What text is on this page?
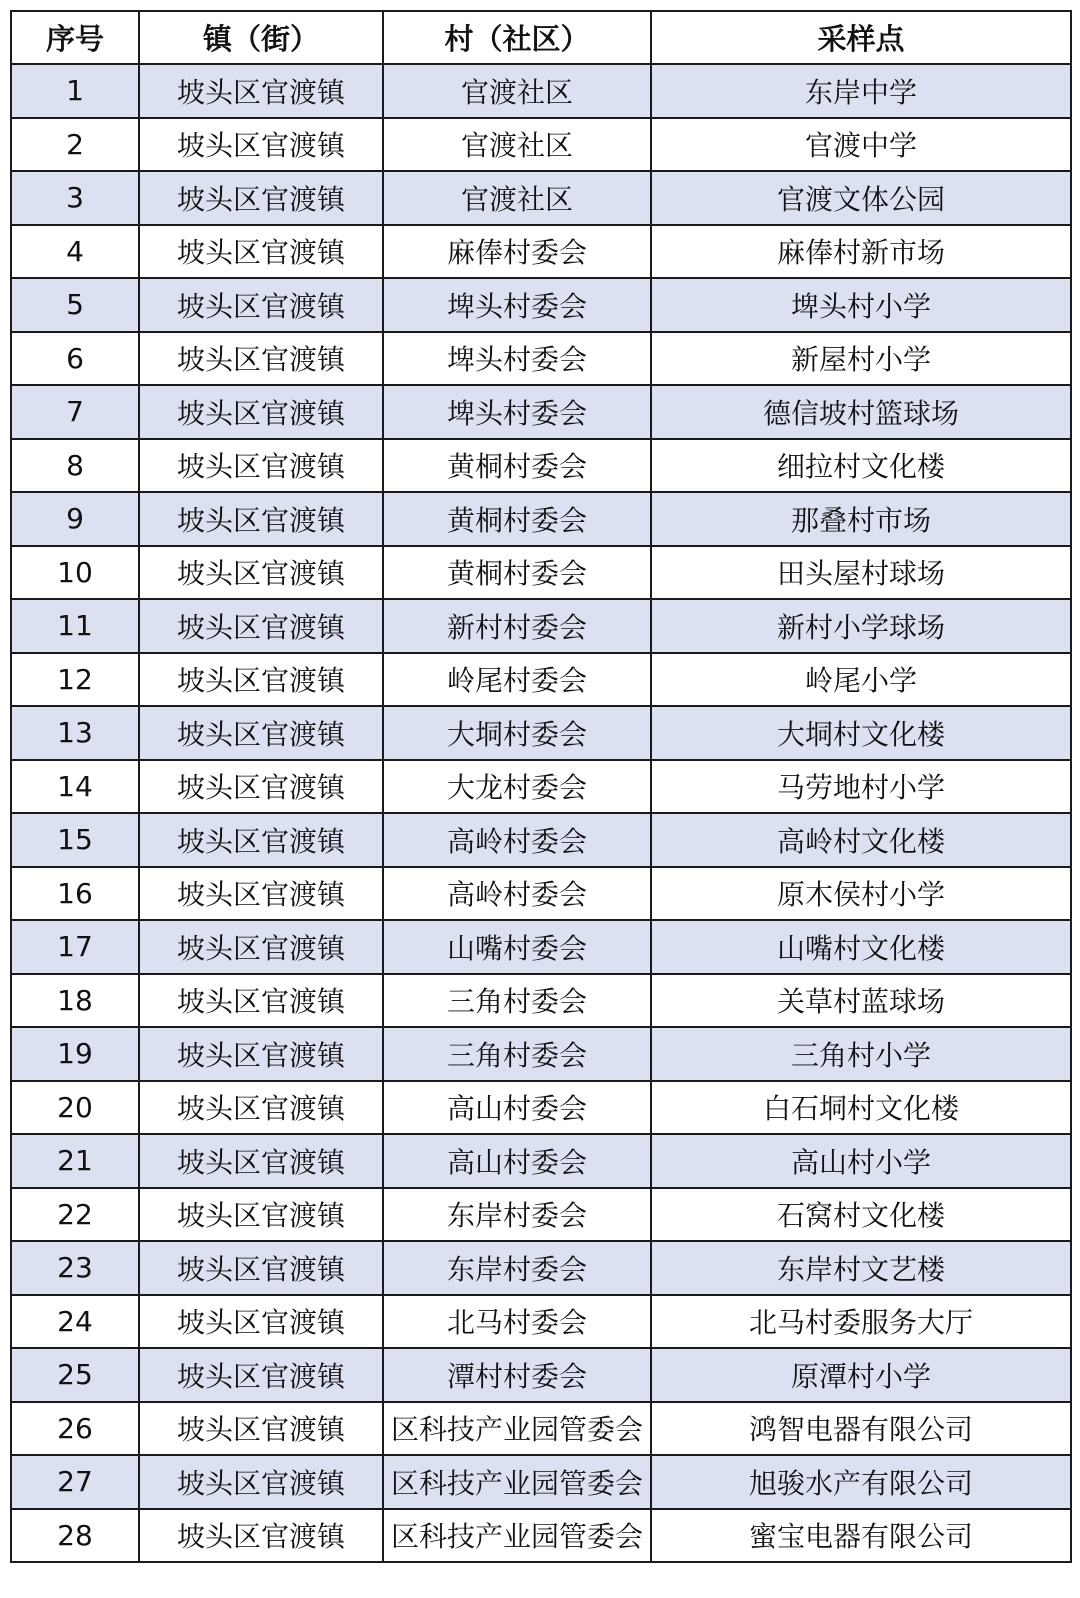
序号	镇（街）	村（社区）	采样点
1	坡头区官渡镇	官渡社区	东岸中学
2	坡头区官渡镇	官渡社区	官渡中学
3	坡头区官渡镇	官渡社区	官渡文体公园
4	坡头区官渡镇	麻俸村委会	麻俸村新市场
5	坡头区官渡镇	埤头村委会	埤头村小学
6	坡头区官渡镇	埤头村委会	新屋村小学
7	坡头区官渡镇	埤头村委会	德信坡村篮球场
8	坡头区官渡镇	黄桐村委会	细拉村文化楼
9	坡头区官渡镇	黄桐村委会	那叠村市场
10	坡头区官渡镇	黄桐村委会	田头屋村球场
11	坡头区官渡镇	新村村委会	新村小学球场
12	坡头区官渡镇	岭尾村委会	岭尾小学
13	坡头区官渡镇	大垌村委会	大垌村文化楼
14	坡头区官渡镇	大龙村委会	马劳地村小学
15	坡头区官渡镇	高岭村委会	高岭村文化楼
16	坡头区官渡镇	高岭村委会	原木侯村小学
17	坡头区官渡镇	山嘴村委会	山嘴村文化楼
18	坡头区官渡镇	三角村委会	关草村蓝球场
19	坡头区官渡镇	三角村委会	三角村小学
20	坡头区官渡镇	高山村委会	白石垌村文化楼
21	坡头区官渡镇	高山村委会	高山村小学
22	坡头区官渡镇	东岸村委会	石窝村文化楼
23	坡头区官渡镇	东岸村委会	东岸村文艺楼
24	坡头区官渡镇	北马村委会	北马村委服务大厅
25	坡头区官渡镇	潭村村委会	原潭村小学
26	坡头区官渡镇	区科技产业园管委会	鸿智电器有限公司
27	坡头区官渡镇	区科技产业园管委会	旭骏水产有限公司
28	坡头区官渡镇	区科技产业园管委会	蜜宝电器有限公司
